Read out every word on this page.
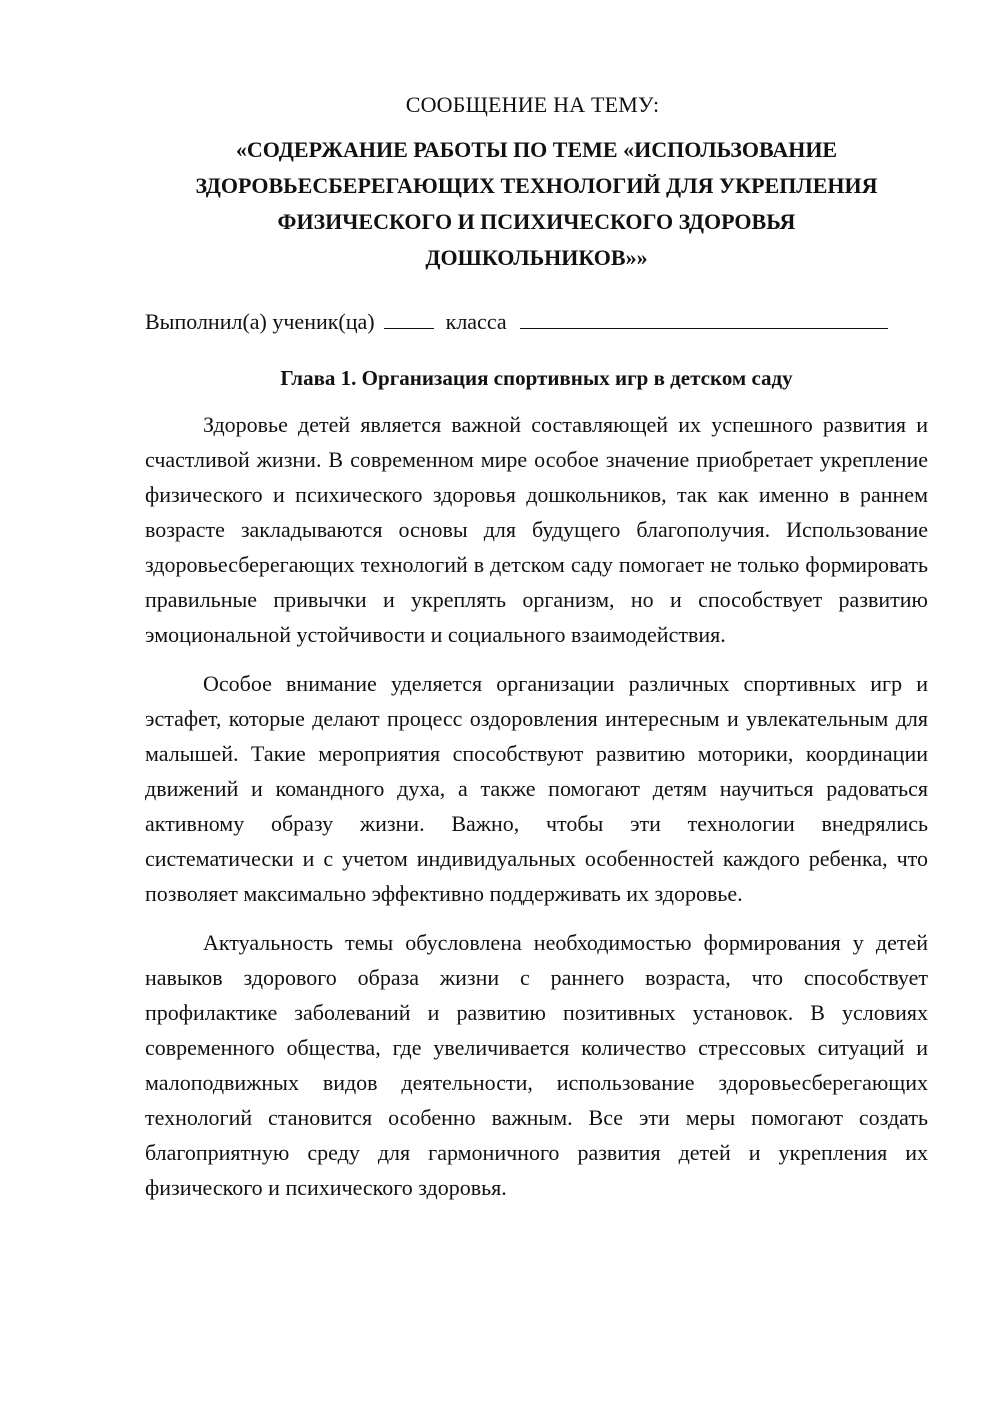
СООБЩЕНИЕ НА ТЕМУ:
«СОДЕРЖАНИЕ РАБОТЫ ПО ТЕМЕ «ИСПОЛЬЗОВАНИЕ
ЗДОРОВЬЕСБЕРЕГАЮЩИХ ТЕХНОЛОГИЙ ДЛЯ УКРЕПЛЕНИЯ
ФИЗИЧЕСКОГО И ПСИХИЧЕСКОГО ЗДОРОВЬЯ
ДОШКОЛЬНИКОВ»»
Выполнил(а) ученик(ца)	класса
Глава 1. Организация спортивных игр в детском саду

Здоровье детей является важной составляющей их успешного развития и счастливой жизни. В современном мире особое значение приобретает укрепление физического и психического здоровья дошкольников, так как именно в раннем возрасте закладываются основы для будущего благополучия. Использование здоровьесберегающих технологий в детском саду помогает не только формировать правильные привычки и укреплять организм, но и способствует развитию эмоциональной устойчивости и социального взаимодействия.

Особое внимание уделяется организации различных спортивных игр и эстафет, которые делают процесс оздоровления интересным и увлекательным для малышей. Такие мероприятия способствуют развитию моторики, координации движений и командного духа, а также помогают детям научиться радоваться активному образу жизни. Важно, чтобы эти технологии внедрялись систематически и с учетом индивидуальных особенностей каждого ребенка, что позволяет максимально эффективно поддерживать их здоровье.

Актуальность темы обусловлена необходимостью формирования у детей навыков здорового образа жизни с раннего возраста, что способствует профилактике заболеваний и развитию позитивных установок. В условиях современного общества, где увеличивается количество стрессовых ситуаций и малоподвижных видов деятельности, использование здоровьесберегающих технологий становится особенно важным. Все эти меры помогают создать благоприятную среду для гармоничного развития детей и укрепления их физического и психического здоровья.
